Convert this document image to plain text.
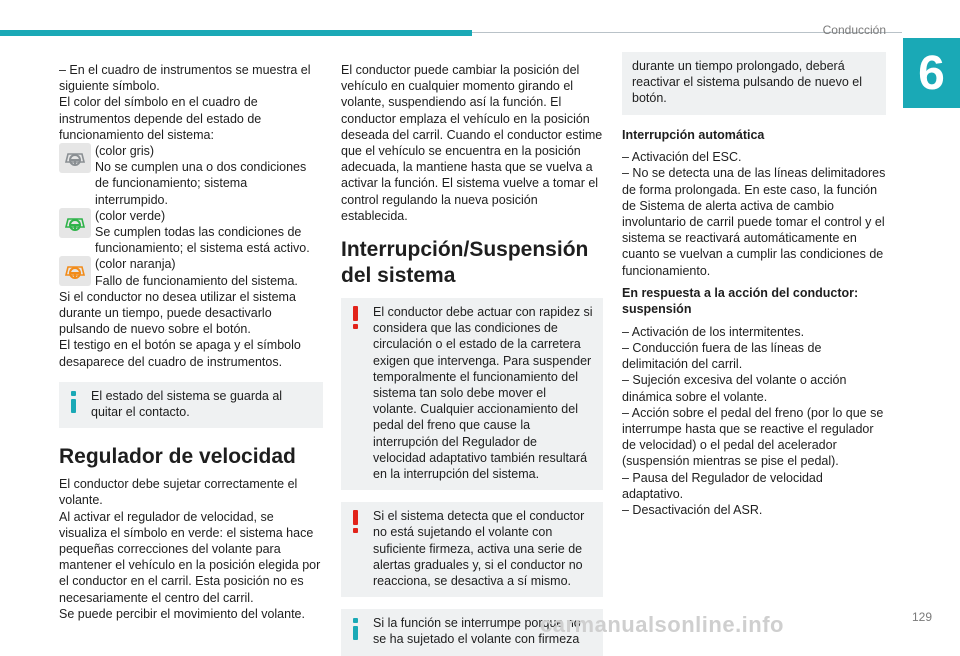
Conducción
6

– En el cuadro de instrumentos se muestra el siguiente símbolo.

El color del símbolo en el cuadro de instrumentos depende del estado de funcionamiento del sistema:

(color gris)
No se cumplen una o dos condiciones de funcionamiento; sistema interrumpido.
(color verde)
Se cumplen todas las condiciones de funcionamiento; el sistema está activo.
(color naranja)
Fallo de funcionamiento del sistema.

Si el conductor no desea utilizar el sistema durante un tiempo, puede desactivarlo pulsando de nuevo sobre el botón.

El testigo en el botón se apaga y el símbolo desaparece del cuadro de instrumentos.

El estado del sistema se guarda al quitar el contacto.

Regulador de velocidad

El conductor debe sujetar correctamente el volante.

Al activar el regulador de velocidad, se visualiza el símbolo en verde: el sistema hace pequeñas correcciones del volante para mantener el vehículo en la posición elegida por el conductor en el carril. Esta posición no es necesariamente el centro del carril.

Se puede percibir el movimiento del volante.

El conductor puede cambiar la posición del vehículo en cualquier momento girando el volante, suspendiendo así la función. El conductor emplaza el vehículo en la posición deseada del carril. Cuando el conductor estime que el vehículo se encuentra en la posición adecuada, la mantiene hasta que se vuelva a activar la función. El sistema vuelve a tomar el control regulando la nueva posición establecida.

Interrupción/Suspensión del sistema

El conductor debe actuar con rapidez si considera que las condiciones de circulación o el estado de la carretera exigen que intervenga. Para suspender temporalmente el funcionamiento del sistema tan solo debe mover el volante. Cualquier accionamiento del pedal del freno que cause la interrupción del Regulador de velocidad adaptativo también resultará en la interrupción del sistema.

Si el sistema detecta que el conductor no está sujetando el volante con suficiente firmeza, activa una serie de alertas graduales y, si el conductor no reacciona, se desactiva a sí mismo.

Si la función se interrumpe porque no se ha sujetado el volante con firmeza

durante un tiempo prolongado, deberá reactivar el sistema pulsando de nuevo el botón.

Interrupción automática

– Activación del ESC.

– No se detecta una de las líneas delimitadores de forma prolongada. En este caso, la función de Sistema de alerta activa de cambio involuntario de carril puede tomar el control y el sistema se reactivará automáticamente en cuanto se vuelvan a cumplir las condiciones de funcionamiento.

En respuesta a la acción del conductor: suspensión

– Activación de los intermitentes.

– Conducción fuera de las líneas de delimitación del carril.

– Sujeción excesiva del volante o acción dinámica sobre el volante.

– Acción sobre el pedal del freno (por lo que se interrumpe hasta que se reactive el regulador de velocidad) o el pedal del acelerador (suspensión mientras se pise el pedal).

– Pausa del Regulador de velocidad adaptativo.

– Desactivación del ASR.

129
carmanualsonline.info
